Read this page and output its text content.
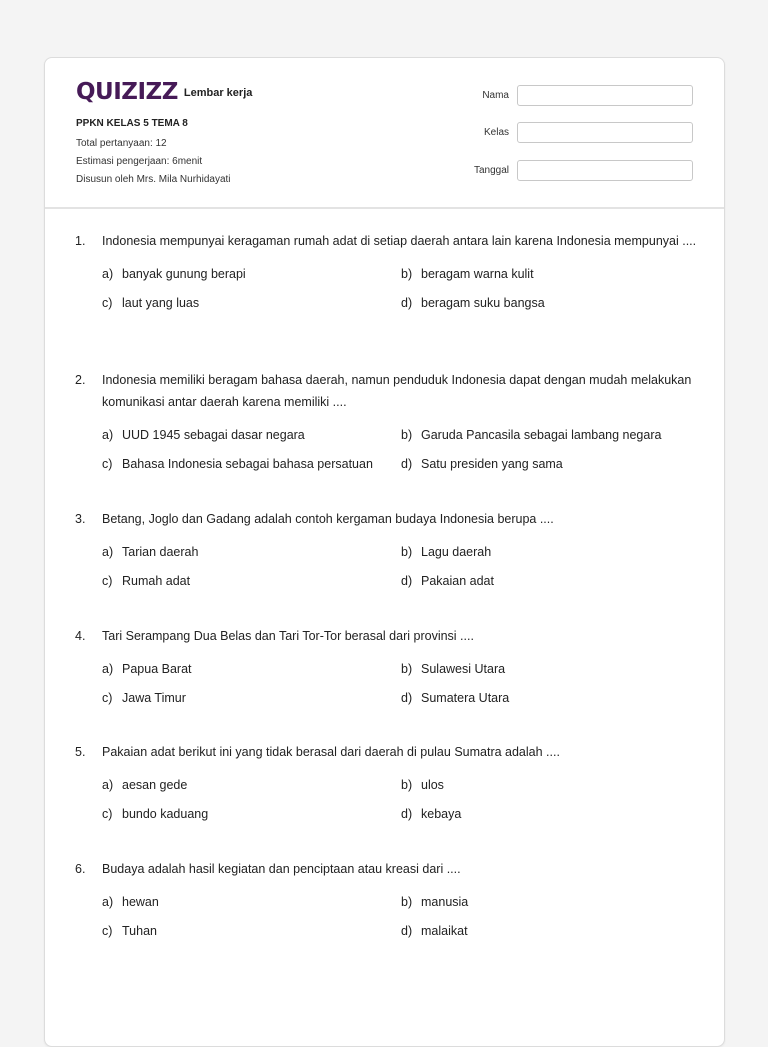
QUIZIZZ Lembar kerja
PPKN KELAS 5 TEMA 8
Total pertanyaan: 12
Estimasi pengerjaan: 6menit
Disusun oleh Mrs. Mila Nurhidayati
Nama
Kelas
Tanggal
1.	Indonesia mempunyai keragaman rumah adat di setiap daerah antara lain karena Indonesia mempunyai ....
a) banyak gunung berapi	b) beragam warna kulit
c) laut yang luas	d) beragam suku bangsa
2.	Indonesia memiliki beragam bahasa daerah, namun penduduk Indonesia dapat dengan mudah melakukan komunikasi antar daerah karena memiliki ....
a) UUD 1945 sebagai dasar negara	b) Garuda Pancasila sebagai lambang negara
c) Bahasa Indonesia sebagai bahasa persatuan d) Satu presiden yang sama
3.	Betang, Joglo dan Gadang adalah contoh kergaman budaya Indonesia berupa ....
a) Tarian daerah	b) Lagu daerah
c) Rumah adat	d) Pakaian adat
4.	Tari Serampang Dua Belas dan Tari Tor-Tor berasal dari provinsi ....
a) Papua Barat	b) Sulawesi Utara
c) Jawa Timur	d) Sumatera Utara
5.	Pakaian adat berikut ini yang tidak berasal dari daerah di pulau Sumatra adalah ....
a) aesan gede	b) ulos
c) bundo kaduang	d) kebaya
6.	Budaya adalah hasil kegiatan dan penciptaan atau kreasi dari ....
a) hewan	b) manusia
c) Tuhan	d) malaikat
